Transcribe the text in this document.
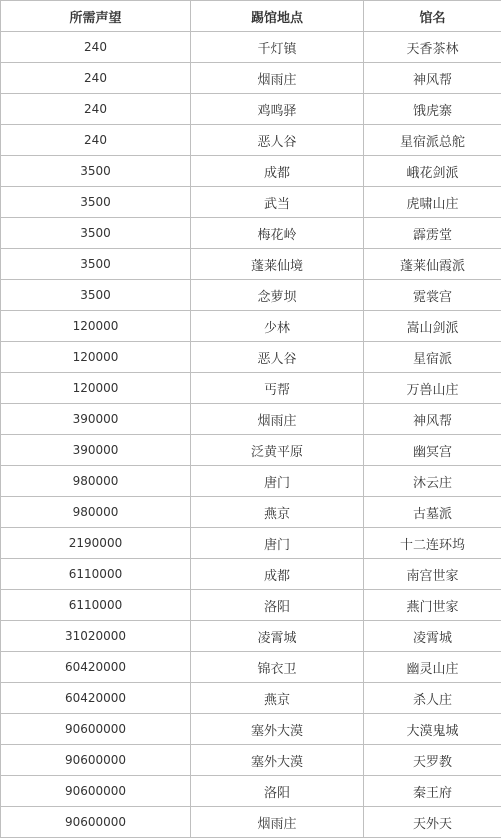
所需声望	踢馆地点	馆名
240	千灯镇	天香茶林
240	烟雨庄	神风帮
240	鸡鸣驿	饿虎寨
240	恶人谷	星宿派总舵
3500	成都	峨花剑派
3500	武当	虎啸山庄
3500	梅花岭	霹雳堂
3500	蓬莱仙境	蓬莱仙霞派
3500	念萝坝	霓裳宫
120000	少林	嵩山剑派
120000	恶人谷	星宿派
120000	丐帮	万兽山庄
390000	烟雨庄	神风帮
390000	泛黄平原	幽冥宫
980000	唐门	沐云庄
980000	燕京	古墓派
2190000	唐门	十二连环坞
6110000	成都	南宫世家
6110000	洛阳	燕门世家
31020000	凌霄城	凌霄城
60420000	锦衣卫	幽灵山庄
60420000	燕京	杀人庄
90600000	塞外大漠	大漠鬼城
90600000	塞外大漠	天罗教
90600000	洛阳	秦王府
90600000	烟雨庄	天外天
